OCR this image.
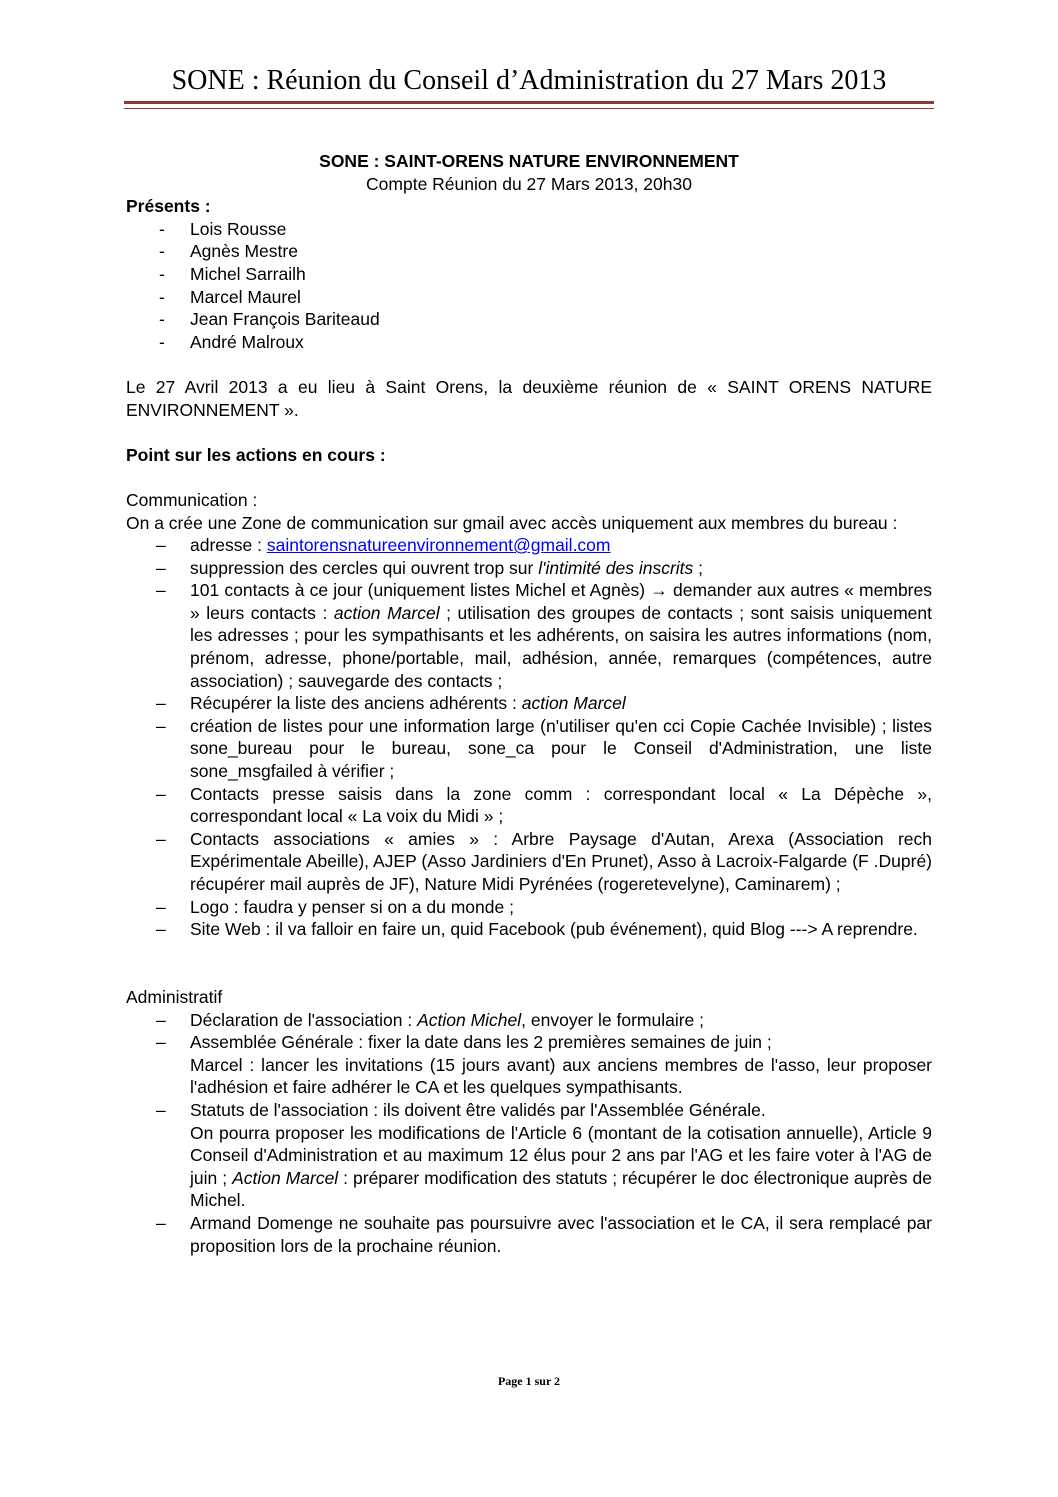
SONE : Réunion du Conseil d’Administration du 27 Mars 2013

SONE : SAINT-ORENS NATURE ENVIRONNEMENT

Compte Réunion du 27 Mars 2013, 20h30

Présents :

- Lois Rousse
- Agnès Mestre
- Michel Sarrailh
- Marcel Maurel
- Jean François Bariteaud
- André Malroux

Le 27 Avril 2013 a eu lieu à Saint Orens, la deuxième réunion de « SAINT ORENS NATURE ENVIRONNEMENT ».

Point sur les actions en cours :

Communication :

On a crée une Zone de communication sur gmail avec accès uniquement aux membres du bureau :

– adresse : saintorensnatureenvironnement@gmail.com
– suppression des cercles qui ouvrent trop sur l'intimité des inscrits ;
– 101 contacts à ce jour (uniquement listes Michel et Agnès) → demander aux autres « membres » leurs contacts : action Marcel ; utilisation des groupes de contacts ; sont saisis uniquement les adresses ; pour les sympathisants et les adhérents, on saisira les autres informations (nom, prénom, adresse, phone/portable, mail, adhésion, année, remarques (compétences, autre association) ; sauvegarde des contacts ;
– Récupérer la liste des anciens adhérents : action Marcel
– création de listes pour une information large (n'utiliser qu'en cci Copie Cachée Invisible) ; listes sone_bureau pour le bureau, sone_ca pour le Conseil d'Administration, une liste sone_msgfailed à vérifier ;
– Contacts presse saisis dans la zone comm : correspondant local « La Dépèche », correspondant local « La voix du Midi » ;
– Contacts associations « amies » : Arbre Paysage d'Autan, Arexa (Association rech Expérimentale Abeille), AJEP (Asso Jardiniers d'En Prunet), Asso à Lacroix-Falgarde (F .Dupré) récupérer mail auprès de JF), Nature Midi Pyrénées (rogeretevelyne), Caminarem) ;
– Logo : faudra y penser si on a du monde ;
– Site Web : il va falloir en faire un, quid Facebook (pub événement), quid Blog ---> A reprendre.

Administratif

– Déclaration de l'association : Action Michel, envoyer le formulaire ;
– Assemblée Générale : fixer la date dans les 2 premières semaines de juin ;
Marcel : lancer les invitations (15 jours avant) aux anciens membres de l'asso, leur proposer l'adhésion et faire adhérer le CA et les quelques sympathisants.
– Statuts de l'association : ils doivent être validés par l'Assemblée Générale.
On pourra proposer les modifications de l'Article 6 (montant de la cotisation annuelle), Article 9 Conseil d'Administration et au maximum 12 élus pour 2 ans par l'AG et les faire voter à l'AG de juin ; Action Marcel : préparer modification des statuts ; récupérer le doc électronique auprès de Michel.
– Armand Domenge ne souhaite pas poursuivre avec l'association et le CA, il sera remplacé par proposition lors de la prochaine réunion.
Page 1 sur 2
